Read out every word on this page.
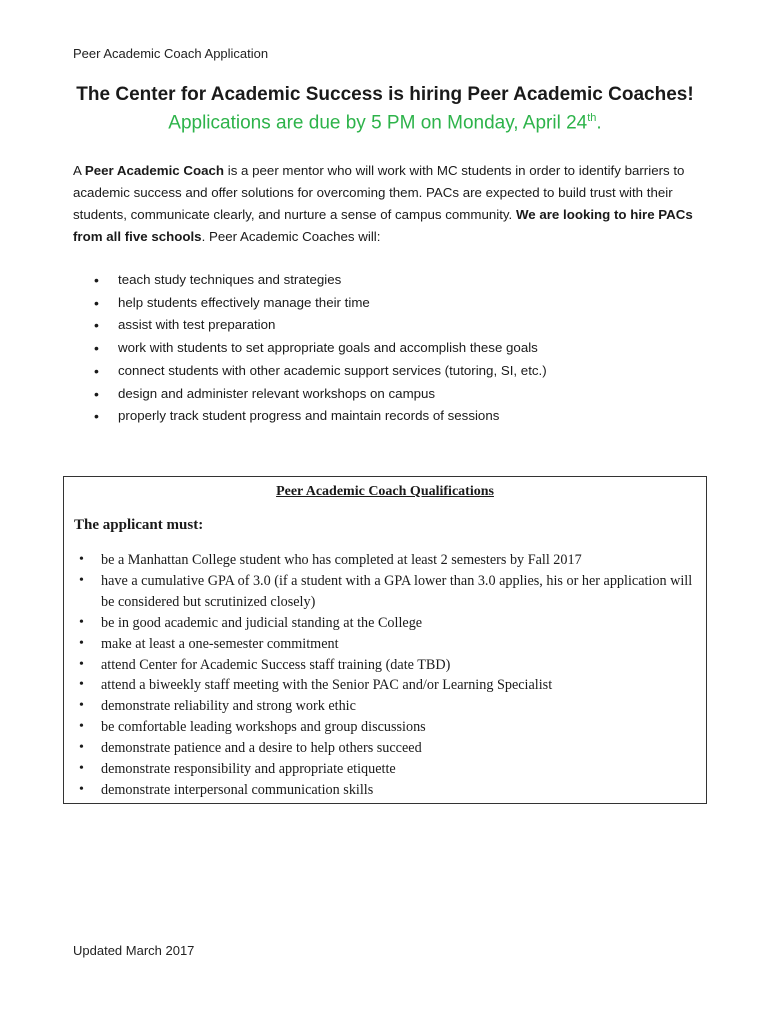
Peer Academic Coach Application
The Center for Academic Success is hiring Peer Academic Coaches!
Applications are due by 5 PM on Monday, April 24th.
A Peer Academic Coach is a peer mentor who will work with MC students in order to identify barriers to academic success and offer solutions for overcoming them. PACs are expected to build trust with their students, communicate clearly, and nurture a sense of campus community. We are looking to hire PACs from all five schools. Peer Academic Coaches will:
• teach study techniques and strategies
• help students effectively manage their time
• assist with test preparation
• work with students to set appropriate goals and accomplish these goals
• connect students with other academic support services (tutoring, SI, etc.)
• design and administer relevant workshops on campus
• properly track student progress and maintain records of sessions
Peer Academic Coach Qualifications
The applicant must:
• be a Manhattan College student who has completed at least 2 semesters by Fall 2017
• have a cumulative GPA of 3.0 (if a student with a GPA lower than 3.0 applies, his or her application will be considered but scrutinized closely)
• be in good academic and judicial standing at the College
• make at least a one-semester commitment
• attend Center for Academic Success staff training (date TBD)
• attend a biweekly staff meeting with the Senior PAC and/or Learning Specialist
• demonstrate reliability and strong work ethic
• be comfortable leading workshops and group discussions
• demonstrate patience and a desire to help others succeed
• demonstrate responsibility and appropriate etiquette
• demonstrate interpersonal communication skills
Updated March 2017
